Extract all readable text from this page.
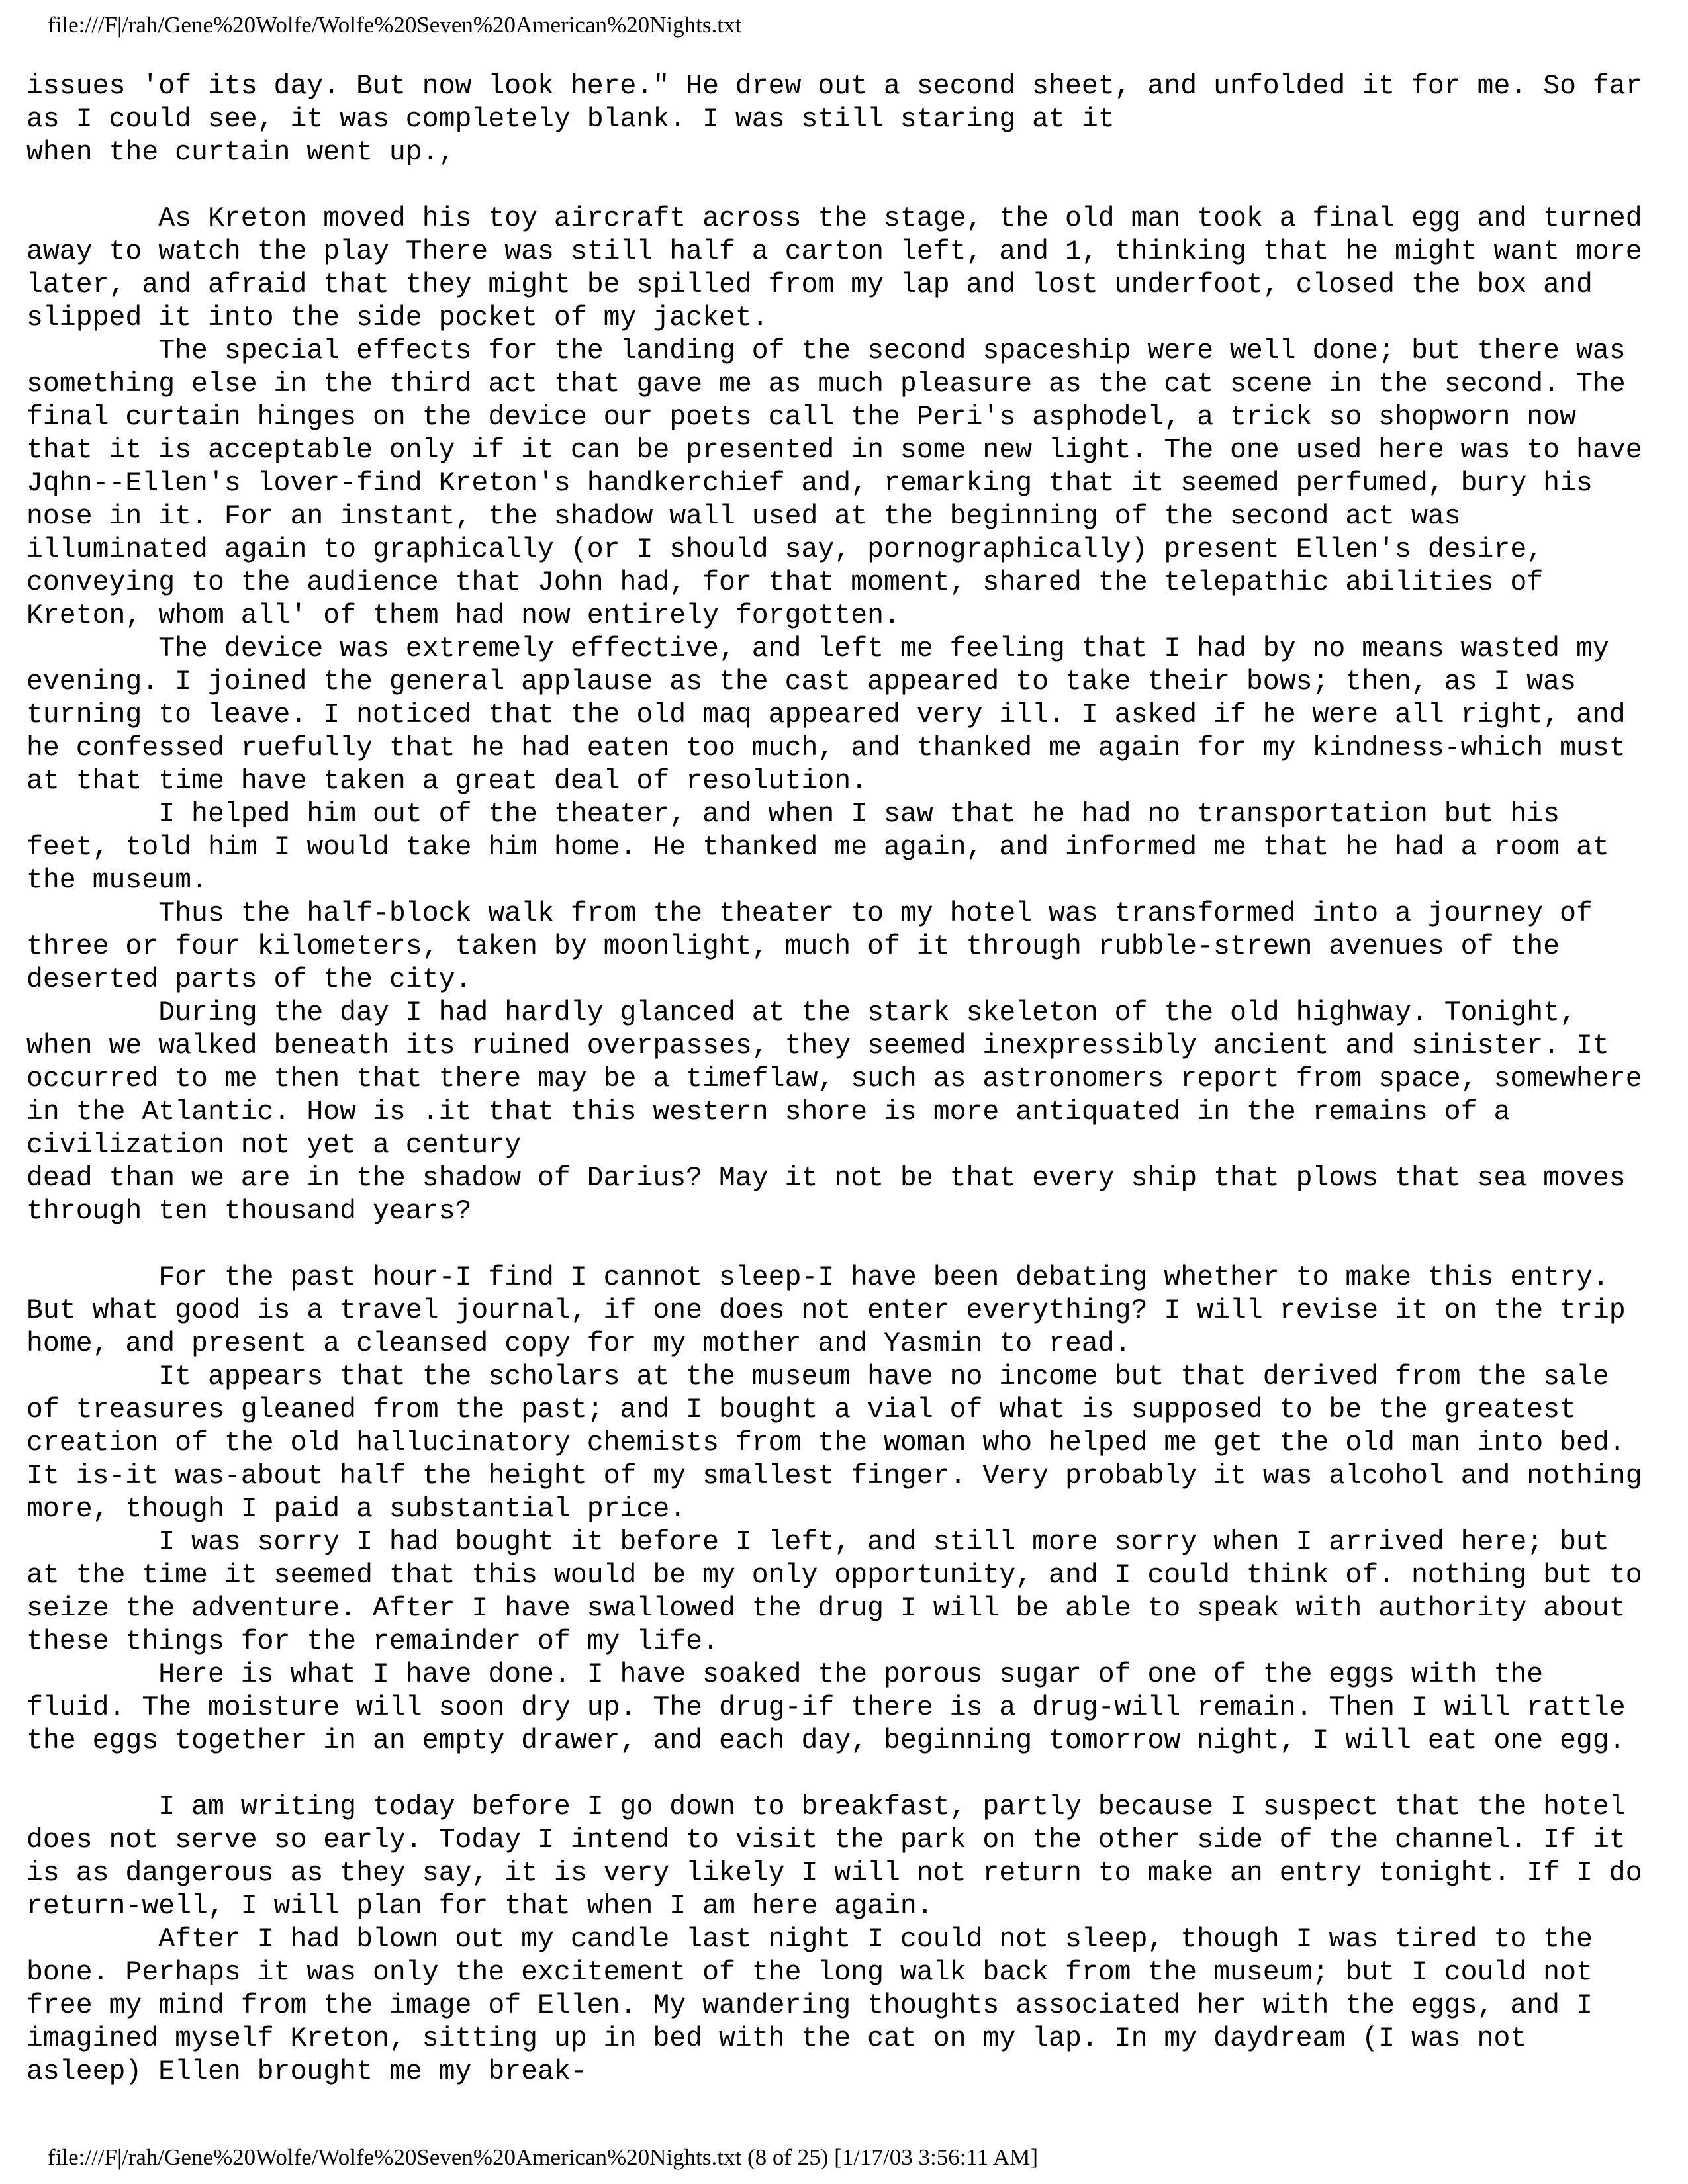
file:///F|/rah/Gene%20Wolfe/Wolfe%20Seven%20American%20Nights.txt
issues 'of its day. But now look here." He drew out a second sheet, and unfolded it for me. So far
as I could see, it was completely blank. I was still staring at it
when the curtain went up.,
As Kreton moved his toy aircraft across the stage, the old man took a final egg and turned
away to watch the play There was still half a carton left, and 1, thinking that he might want more
later, and afraid that they might be spilled from my lap and lost underfoot, closed the box and
slipped it into the side pocket of my jacket.
The special effects for the landing of the second spaceship were well done; but there was
something else in the third act that gave me as much pleasure as the cat scene in the second. The
final curtain hinges on the device our poets call the Peri's asphodel, a trick so shopworn now
that it is acceptable only if it can be presented in some new light. The one used here was to have
Jqhn--Ellen's lover-find Kreton's handkerchief and, remarking that it seemed perfumed, bury his
nose in it. For an instant, the shadow wall used at the beginning of the second act was
illuminated again to graphically (or I should say, pornographically) present Ellen's desire,
conveying to the audience that John had, for that moment, shared the telepathic abilities of
Kreton, whom all' of them had now entirely forgotten.
The device was extremely effective, and left me feeling that I had by no means wasted my
evening. I joined the general applause as the cast appeared to take their bows; then, as I was
turning to leave. I noticed that the old maq appeared very ill. I asked if he were all right, and
he confessed ruefully that he had eaten too much, and thanked me again for my kindness-which must
at that time have taken a great deal of resolution.
I helped him out of the theater, and when I saw that he had no transportation but his
feet, told him I would take him home. He thanked me again, and informed me that he had a room at
the museum.
Thus the half-block walk from the theater to my hotel was transformed into a journey of
three or four kilometers, taken by moonlight, much of it through rubble-strewn avenues of the
deserted parts of the city.
During the day I had hardly glanced at the stark skeleton of the old highway. Tonight,
when we walked beneath its ruined overpasses, they seemed inexpressibly ancient and sinister. It
occurred to me then that there may be a timeflaw, such as astronomers report from space, somewhere
in the Atlantic. How is .it that this western shore is more antiquated in the remains of a
civilization not yet a century
dead than we are in the shadow of Darius? May it not be that every ship that plows that sea moves
through ten thousand years?
For the past hour-I find I cannot sleep-I have been debating whether to make this entry.
But what good is a travel journal, if one does not enter everything? I will revise it on the trip
home, and present a cleansed copy for my mother and Yasmin to read.
It appears that the scholars at the museum have no income but that derived from the sale
of treasures gleaned from the past; and I bought a vial of what is supposed to be the greatest
creation of the old hallucinatory chemists from the woman who helped me get the old man into bed.
It is-it was-about half the height of my smallest finger. Very probably it was alcohol and nothing
more, though I paid a substantial price.
I was sorry I had bought it before I left, and still more sorry when I arrived here; but
at the time it seemed that this would be my only opportunity, and I could think of. nothing but to
seize the adventure. After I have swallowed the drug I will be able to speak with authority about
these things for the remainder of my life.
Here is what I have done. I have soaked the porous sugar of one of the eggs with the
fluid. The moisture will soon dry up. The drug-if there is a drug-will remain. Then I will rattle
the eggs together in an empty drawer, and each day, beginning tomorrow night, I will eat one egg.
I am writing today before I go down to breakfast, partly because I suspect that the hotel
does not serve so early. Today I intend to visit the park on the other side of the channel. If it
is as dangerous as they say, it is very likely I will not return to make an entry tonight. If I do
return-well, I will plan for that when I am here again.
After I had blown out my candle last night I could not sleep, though I was tired to the
bone. Perhaps it was only the excitement of the long walk back from the museum; but I could not
free my mind from the image of Ellen. My wandering thoughts associated her with the eggs, and I
imagined myself Kreton, sitting up in bed with the cat on my lap. In my daydream (I was not
asleep) Ellen brought me my break-
file:///F|/rah/Gene%20Wolfe/Wolfe%20Seven%20American%20Nights.txt (8 of 25) [1/17/03 3:56:11 AM]
